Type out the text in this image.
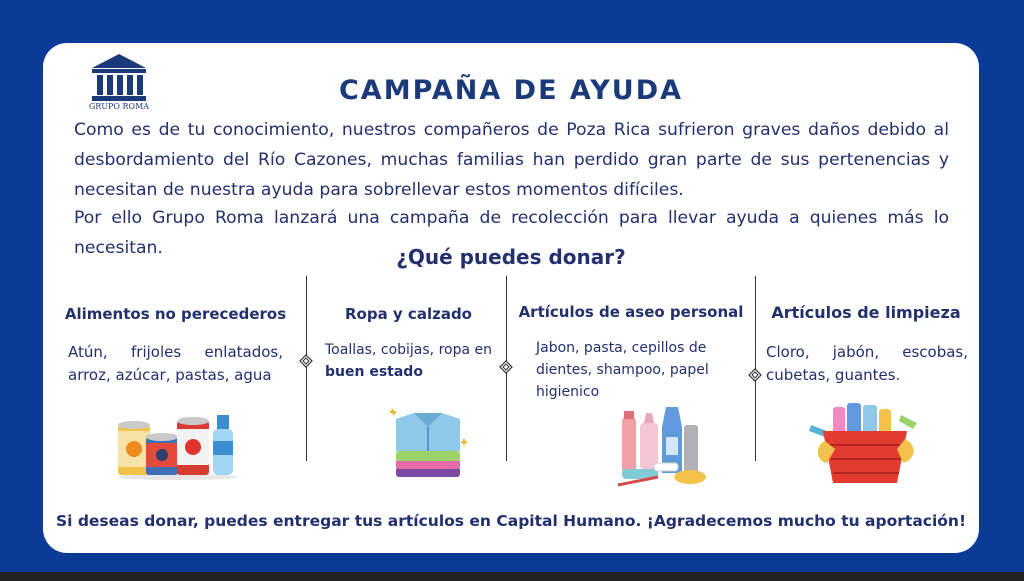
GRUPO ROMA
CAMPAÑA DE AYUDA

Como es de tu conocimiento, nuestros compañeros de Poza Rica sufrieron graves daños debido al desbordamiento del Río Cazones, muchas familias han perdido gran parte de sus pertenencias y necesitan de nuestra ayuda para sobrellevar estos momentos difíciles.

Por ello Grupo Roma lanzará una campaña de recolección para llevar ayuda a quienes más lo necesitan.	¿Qué puedes donar?
Alimentos no perecederos

Atún, frijoles enlatados, arroz, azúcar, pastas, agua

Ropa y calzado

Toallas, cobijas, ropa en buen estado

Artículos de aseo personal

Jabon, pasta, cepillos de dientes, shampoo, papel higienico

Artículos de limpieza

Cloro, jabón, escobas, cubetas, guantes.

Si deseas donar, puedes entregar tus artículos en Capital Humano. ¡Agradecemos mucho tu aportación!
